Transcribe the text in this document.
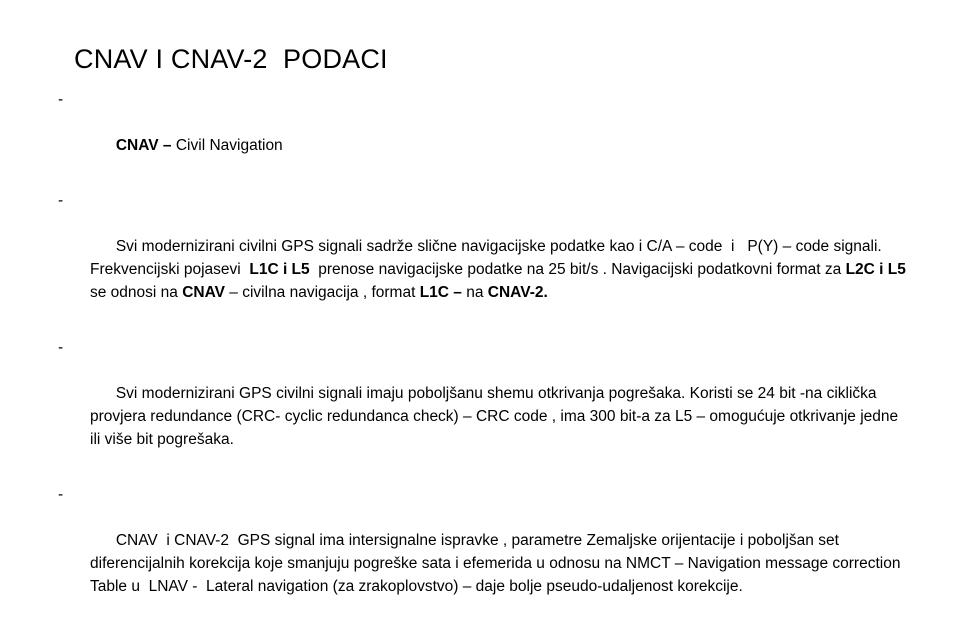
CNAV I CNAV-2  PODACI

-

CNAV – Civil Navigation

-

Svi modernizirani civilni GPS signali sadrže slične navigacijske podatke kao i C/A – code  i   P(Y) – code signali. Frekvencijski pojasevi  L1C i L5  prenose navigacijske podatke na 25 bit/s . Navigacijski podatkovni format za L2C i L5 se odnosi na CNAV – civilna navigacija , format L1C – na CNAV-2.

-

Svi modernizirani GPS civilni signali imaju poboljšanu shemu otkrivanja pogrešaka. Koristi se 24 bit -na ciklička provjera redundance (CRC- cyclic redundanca check) – CRC code , ima 300 bit-a za L5 – omogućuje otkrivanje jedne ili više bit pogrešaka.

-

CNAV  i CNAV-2  GPS signal ima intersignalne ispravke , parametre Zemaljske orijentacije i poboljšan set diferencijalnih korekcija koje smanjuju pogreške sata i efemerida u odnosu na NMCT – Navigation message correction Table u  LNAV -  Lateral navigation (za zrakoplovstvo) – daje bolje pseudo-udaljenost korekcije.
